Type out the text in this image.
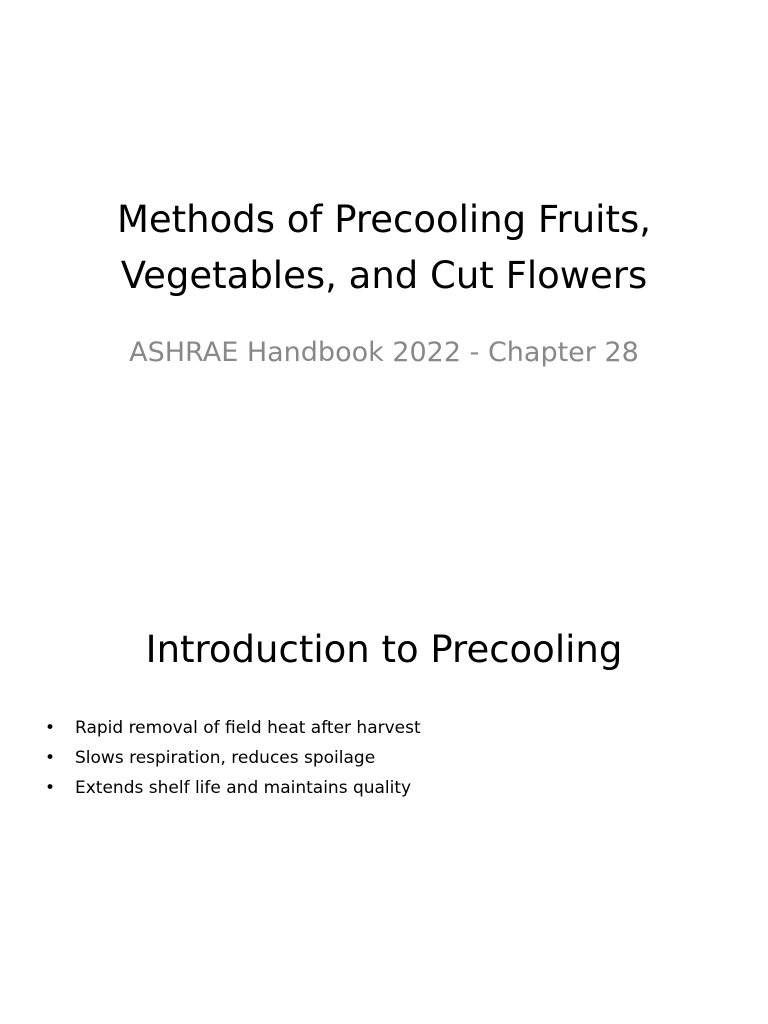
Methods of Precooling Fruits,
Vegetables, and Cut Flowers
ASHRAE Handbook 2022 - Chapter 28
Introduction to Precooling
• Rapid removal of field heat after harvest
• Slows respiration, reduces spoilage
• Extends shelf life and maintains quality
